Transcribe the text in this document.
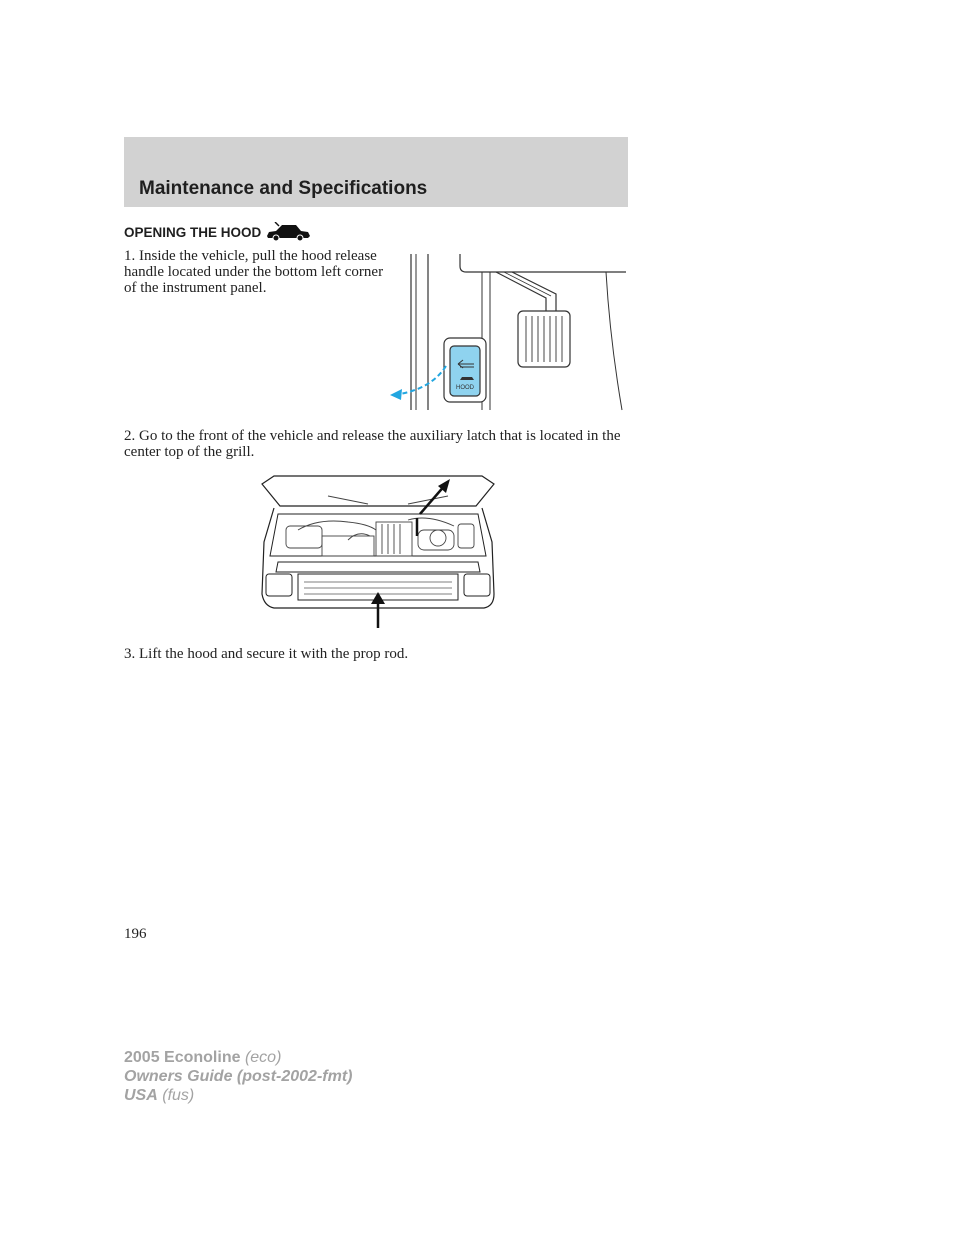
Maintenance and Specifications
OPENING THE HOOD

1. Inside the vehicle, pull the hood release handle located under the bottom left corner of the instrument panel.

HOOD

2. Go to the front of the vehicle and release the auxiliary latch that is located in the center top of the grill.

3. Lift the hood and secure it with the prop rod.

196

2005 Econoline (eco)
Owners Guide (post-2002-fmt)
USA (fus)
